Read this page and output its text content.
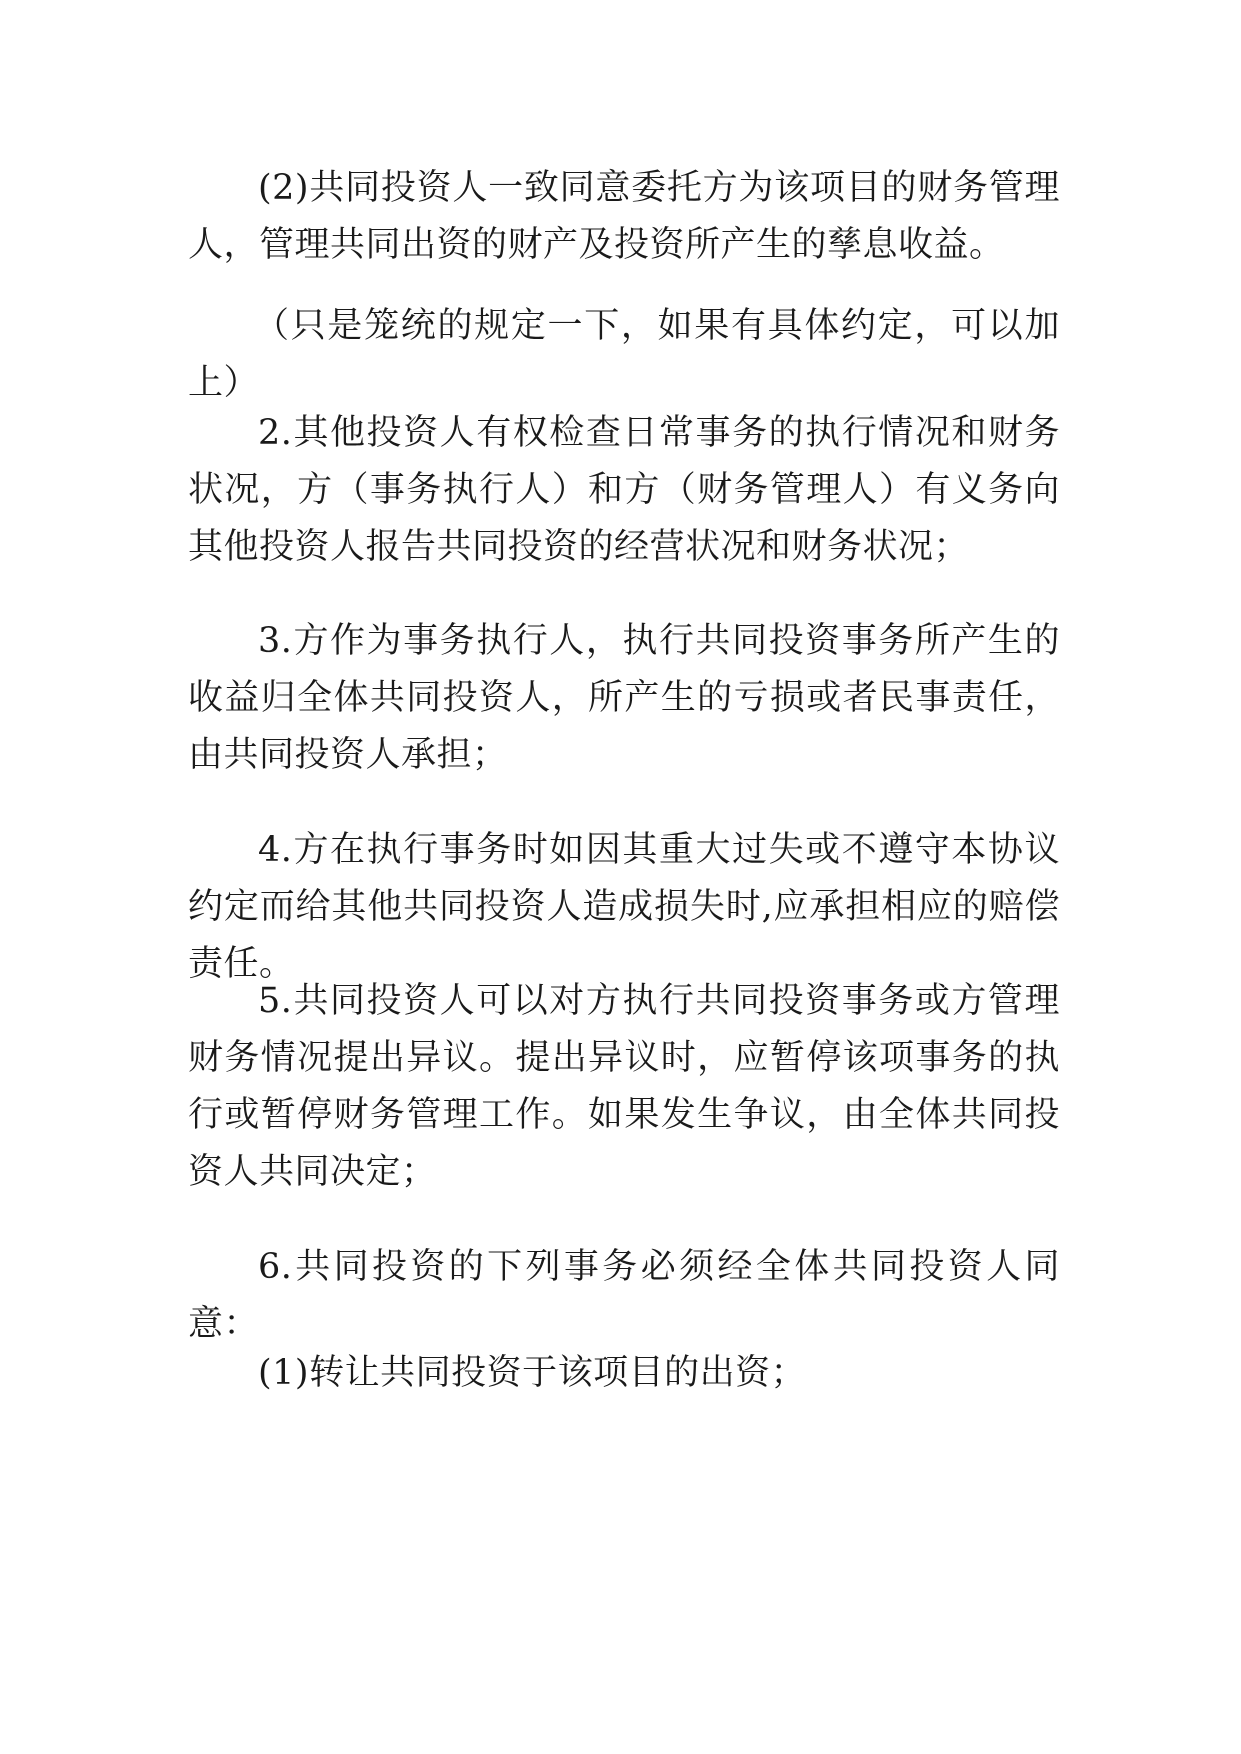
(2)共同投资人一致同意委托方为该项目的财务管理人，管理共同出资的财产及投资所产生的孳息收益。

（只是笼统的规定一下，如果有具体约定，可以加上）

2.其他投资人有权检查日常事务的执行情况和财务状况，方（事务执行人）和方（财务管理人）有义务向其他投资人报告共同投资的经营状况和财务状况；

3.方作为事务执行人，执行共同投资事务所产生的收益归全体共同投资人，所产生的亏损或者民事责任，由共同投资人承担；

4.方在执行事务时如因其重大过失或不遵守本协议约定而给其他共同投资人造成损失时,应承担相应的赔偿责任。

5.共同投资人可以对方执行共同投资事务或方管理财务情况提出异议。提出异议时，应暂停该项事务的执行或暂停财务管理工作。如果发生争议，由全体共同投资人共同决定；

6.共同投资的下列事务必须经全体共同投资人同意：

(1)转让共同投资于该项目的出资；
